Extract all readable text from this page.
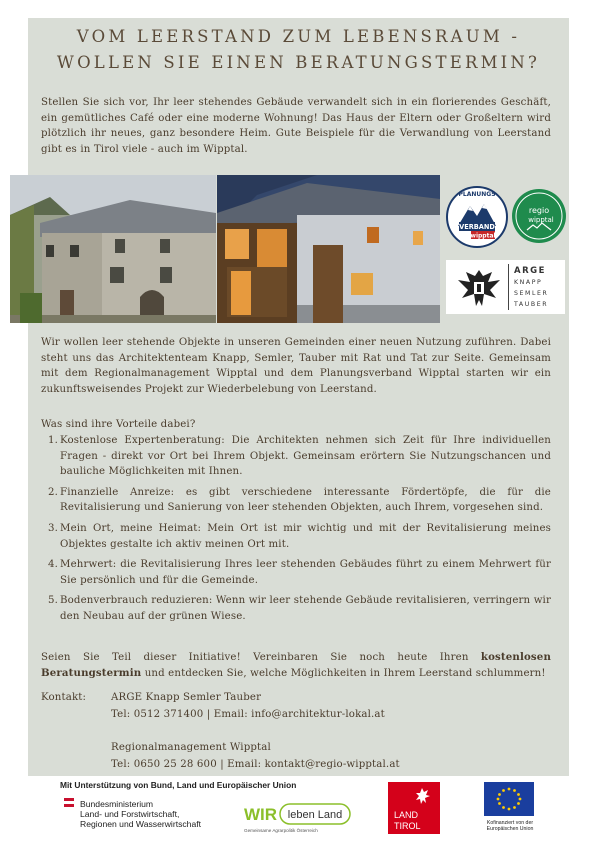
VOM LEERSTAND ZUM LEBENSRAUM -
WOLLEN SIE EINEN BERATUNGSTERMIN?

Stellen Sie sich vor, Ihr leer stehendes Gebäude verwandelt sich in ein florierendes Geschäft, ein gemütliches Café oder eine moderne Wohnung! Das Haus der Eltern oder Großeltern wird plötzlich ihr neues, ganz besondere Heim. Gute Beispiele für die Verwandlung von Leerstand gibt es in Tirol viele - auch im Wipptal.

PLANUNGS
VERBAND
wipptal
regio
wipptal
ARGE
KNAPP
SEMLER
TAUBER

Wir wollen leer stehende Objekte in unseren Gemeinden einer neuen Nutzung zuführen. Dabei steht uns das Architektenteam Knapp, Semler, Tauber mit Rat und Tat zur Seite. Gemeinsam mit dem Regionalmanagement Wipptal und dem Planungsverband Wipptal starten wir ein zukunftsweisendes Projekt zur Wiederbelebung von Leerstand.

Was sind ihre Vorteile dabei?
1. Kostenlose Expertenberatung: Die Architekten nehmen sich Zeit für Ihre individuellen Fragen - direkt vor Ort bei Ihrem Objekt. Gemeinsam erörtern Sie Nutzungschancen und bauliche Möglichkeiten mit Ihnen.
2. Finanzielle Anreize: es gibt verschiedene interessante Fördertöpfe, die für die Revitalisierung und Sanierung von leer stehenden Objekten, auch Ihrem, vorgesehen sind.
3. Mein Ort, meine Heimat: Mein Ort ist mir wichtig und mit der Revitalisierung meines Objektes gestalte ich aktiv meinen Ort mit.
4. Mehrwert: die Revitalisierung Ihres leer stehenden Gebäudes führt zu einem Mehrwert für Sie persönlich und für die Gemeinde.
5. Bodenverbrauch reduzieren: Wenn wir leer stehende Gebäude revitalisieren, verringern wir den Neubau auf der grünen Wiese.

Seien Sie Teil dieser Initiative! Vereinbaren Sie noch heute Ihren kostenlosen Beratungstermin und entdecken Sie, welche Möglichkeiten in Ihrem Leerstand schlummern!

Kontakt: ARGE Knapp Semler Tauber
Tel: 0512 371400 | Email: info@architektur-lokal.at
Regionalmanagement Wipptal
Tel: 0650 25 28 600 | Email: kontakt@regio-wipptal.at
Mit Unterstützung von Bund, Land und Europäischer Union
Bundesministerium
Land- und Forstwirtschaft,
Regionen und Wasserwirtschaft
WIR leben Land
Gemeinsame Agrarpolitik Österreich
LAND
TIROL	Kofinanziert von der
Europäischen Union
